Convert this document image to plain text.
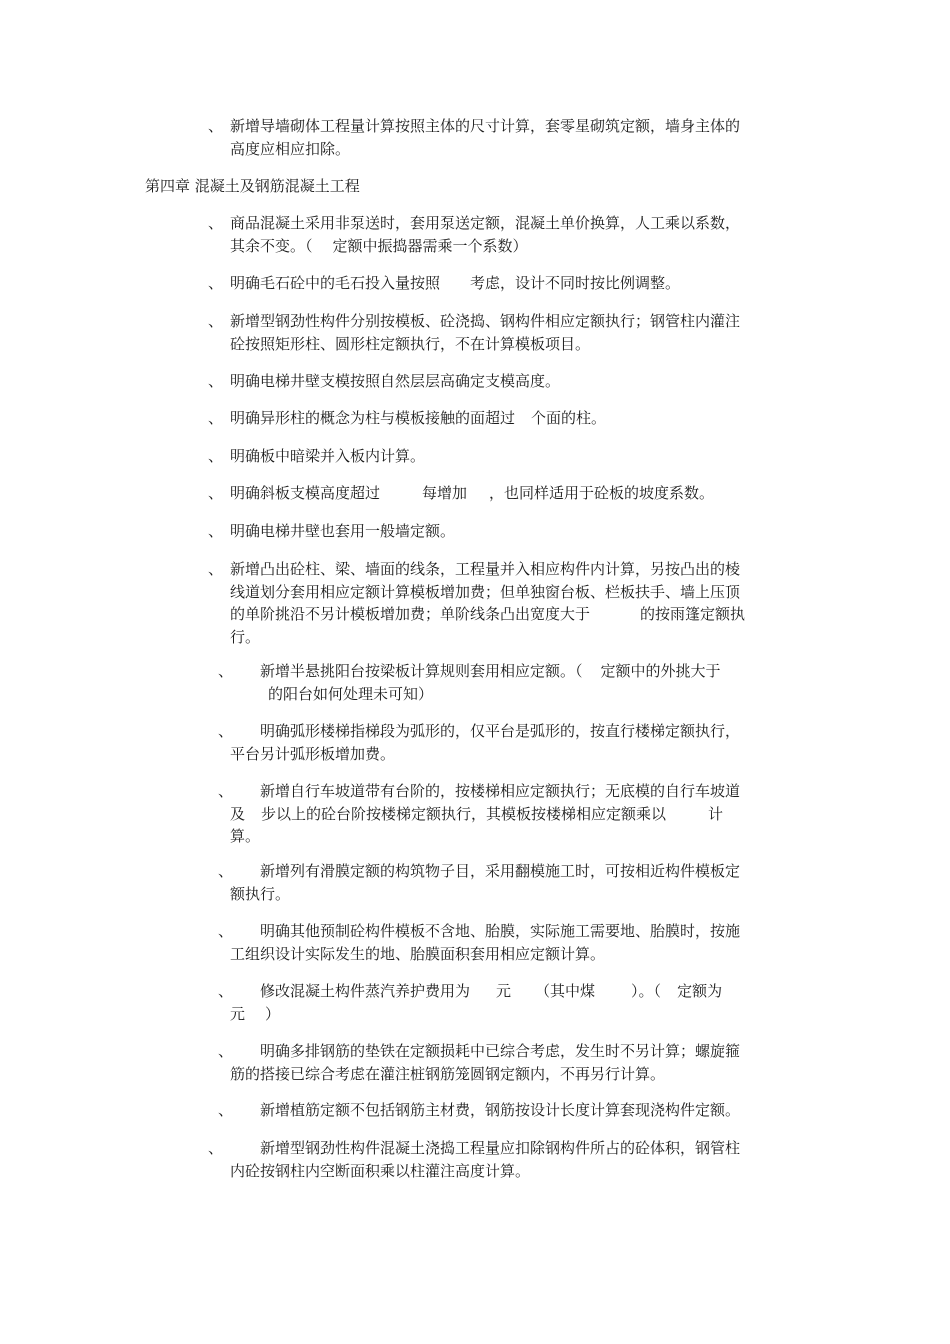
、 新增导墙砌体工程量计算按照主体的尺寸计算，套零星砌筑定额，墙身主体的
高度应相应扣除。
第四章 混凝土及钢筋混凝土工程
、 商品混凝土采用非泵送时，套用泵送定额，混凝土单价换算，人工乘以系数，
其余不变。（ 定额中振捣器需乘一个系数）
、 明确毛石砼中的毛石投入量按照 考虑，设计不同时按比例调整。
、 新增型钢劲性构件分别按模板、砼浇捣、钢构件相应定额执行；钢管柱内灌注
砼按照矩形柱、圆形柱定额执行，不在计算模板项目。
、 明确电梯井壁支模按照自然层层高确定支模高度。
、 明确异形柱的概念为柱与模板接触的面超过 个面的柱。
、 明确板中暗梁并入板内计算。
、 明确斜板支模高度超过	每增加 ，也同样适用于砼板的坡度系数。
、 明确电梯井壁也套用一般墙定额。
、 新增凸出砼柱、梁、墙面的线条，工程量并入相应构件内计算，另按凸出的棱
线道划分套用相应定额计算模板增加费；但单独窗台板、栏板扶手、墙上压顶
的单阶挑沿不另计模板增加费；单阶线条凸出宽度大于	的按雨篷定额执
行。
、	新增半悬挑阳台按梁板计算规则套用相应定额。（ 定额中的外挑大于
的阳台如何处理未可知）
、	明确弧形楼梯指梯段为弧形的，仅平台是弧形的，按直行楼梯定额执行，
平台另计弧形板增加费。
、	新增自行车坡道带有台阶的，按楼梯相应定额执行；无底模的自行车坡道
及 步以上的砼台阶按楼梯定额执行，其模板按楼梯相应定额乘以	计
算。
、	新增列有滑膜定额的构筑物子目，采用翻模施工时，可按相近构件模板定
额执行。
、	明确其他预制砼构件模板不含地、胎膜，实际施工需要地、胎膜时，按施
工组织设计实际发生的地、胎膜面积套用相应定额计算。
、	修改混凝土构件蒸汽养护费用为 元 （其中煤 ）。（ 定额为
元 ）
、	明确多排钢筋的垫铁在定额损耗中已综合考虑，发生时不另计算；螺旋箍
筋的搭接已综合考虑在灌注桩钢筋笼圆钢定额内，不再另行计算。
、	新增植筋定额不包括钢筋主材费，钢筋按设计长度计算套现浇构件定额。
、	新增型钢劲性构件混凝土浇捣工程量应扣除钢构件所占的砼体积，钢管柱
内砼按钢柱内空断面积乘以柱灌注高度计算。
